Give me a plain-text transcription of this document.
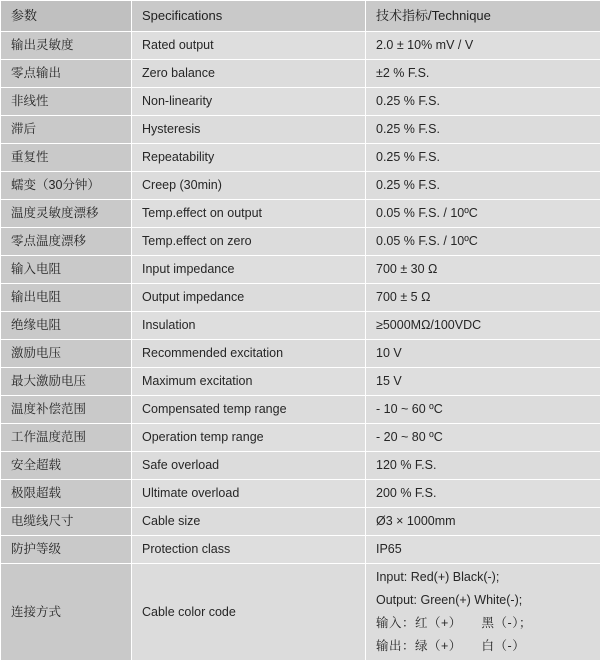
参数	Specifications	技术指标/Technique
输出灵敏度	Rated output	2.0 ± 10% mV / V
零点输出	Zero balance	±2 % F.S.
非线性	Non-linearity	0.25 % F.S.
滞后	Hysteresis	0.25 % F.S.
重复性	Repeatability	0.25 % F.S.
蠕变（30分钟）	Creep (30min)	0.25 % F.S.
温度灵敏度漂移	Temp.effect on output	0.05 % F.S. / 10ºC
零点温度漂移	Temp.effect on zero	0.05 % F.S. / 10ºC
输入电阻	Input impedance	700 ± 30 Ω
输出电阻	Output impedance	700 ± 5 Ω
绝缘电阻	Insulation	≥5000MΩ/100VDC
激励电压	Recommended excitation	10 V
最大激励电压	Maximum excitation	15 V
温度补偿范围	Compensated temp range	- 10 ~ 60 ºC
工作温度范围	Operation temp range	- 20 ~ 80 ºC
安全超载	Safe overload	120 % F.S.
极限超载	Ultimate overload	200 % F.S.
电缆线尺寸	Cable size	Ø3 × 1000mm
防护等级	Protection class	IP65
连接方式	Cable color code	Input: Red(+) Black(-);
Output: Green(+) White(-);
输入：红（+）　　黑（-）；
输出：绿（+）　　白（-）
